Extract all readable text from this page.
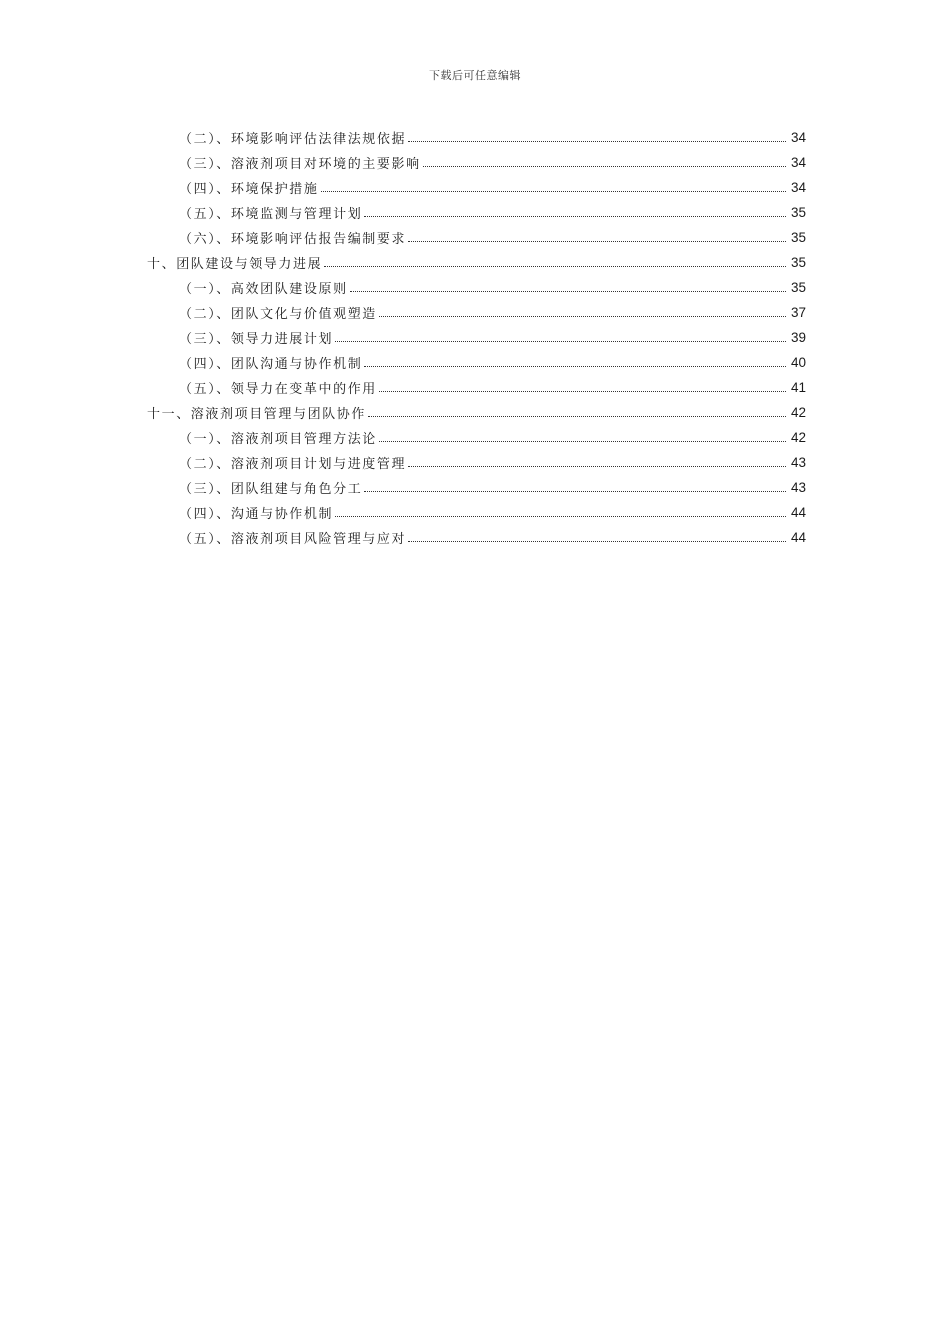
下载后可任意编辑
（二）、环境影响评估法律法规依据	34
（三）、溶液剂项目对环境的主要影响	34
（四）、环境保护措施	34
（五）、环境监测与管理计划	35
（六）、环境影响评估报告编制要求	35
十、团队建设与领导力进展	35
（一）、高效团队建设原则	35
（二）、团队文化与价值观塑造	37
（三）、领导力进展计划	39
（四）、团队沟通与协作机制	40
（五）、领导力在变革中的作用	41
十一、溶液剂项目管理与团队协作	42
（一）、溶液剂项目管理方法论	42
（二）、溶液剂项目计划与进度管理	43
（三）、团队组建与角色分工	43
（四）、沟通与协作机制	44
（五）、溶液剂项目风险管理与应对	44
